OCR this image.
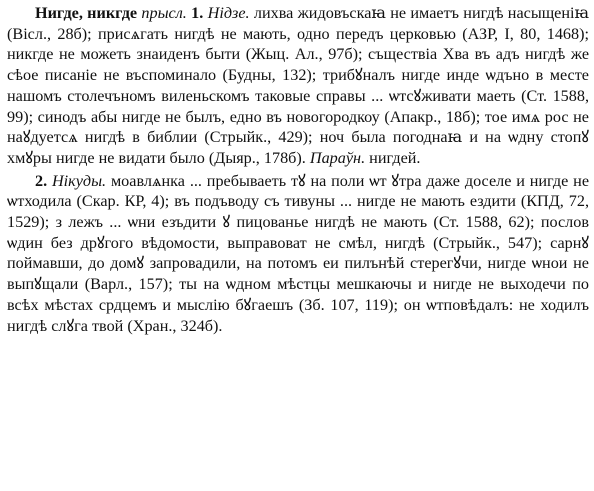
Нигде, никгде прысл. 1. Нідзе. лихва жидовъскаꙗ не имаетъ нигдѣ насыщеніꙗ (Вісл., 28б); присѧгать нигдѣ не мають, одно передъ церковью (АЗР, І, 80, 1468); никгде не можеть знаиденъ быти (Жыц. Ал., 97б); съществіа Хва въ адъ нигдѣ же сѣое писаніе не въспоминало (Будны, 132); трибꙋналъ нигде инде ѡдъно в месте нашомъ столечъномъ виленьскомъ таковые справы ... ѡтсꙋживати маеть (Ст. 1588, 99); синодъ абы нигде не былъ, едно въ новогородкоу (Апакр., 18б); тое имѧ рос не наꙋдуетсѧ нигдѣ в библии (Стрыйк., 429); ноч была погоднаꙗ и на ѡдну стопꙋ хмꙋры нигде не видати было (Дыяр., 178б). Параўн. нигдей.

2. Нікуды. моавлѧнка ... пребываеть тꙋ на поли ѡт ꙋтра даже доселе и нигде не ѡтходила (Скар. КР, 4); въ подъводу съ тивуны ... нигде не мають ездити (КПД, 72, 1529); з лежъ ... ѡни езъдити ꙋ пицованье нигдѣ не мають (Ст. 1588, 62); послов ѡдин без дрꙋгого вѣдомости, выправоват не смѣл, нигдѣ (Стрыйк., 547); сарнꙋ поймавши, до домꙋ запровадили, на потомъ еи пилънѣй стерегꙋчи, нигде ѡнои не выпꙋщали (Варл., 157); ты на ѡдном мѣстцы мешкаючы и нигде не выходечи по всѣх мѣстах срдцемъ и мыслію бꙋгаешъ (Зб. 107, 119); он ѡтповѣдалъ: не ходилъ нигдѣ слꙋга твой (Хран., 324б).
